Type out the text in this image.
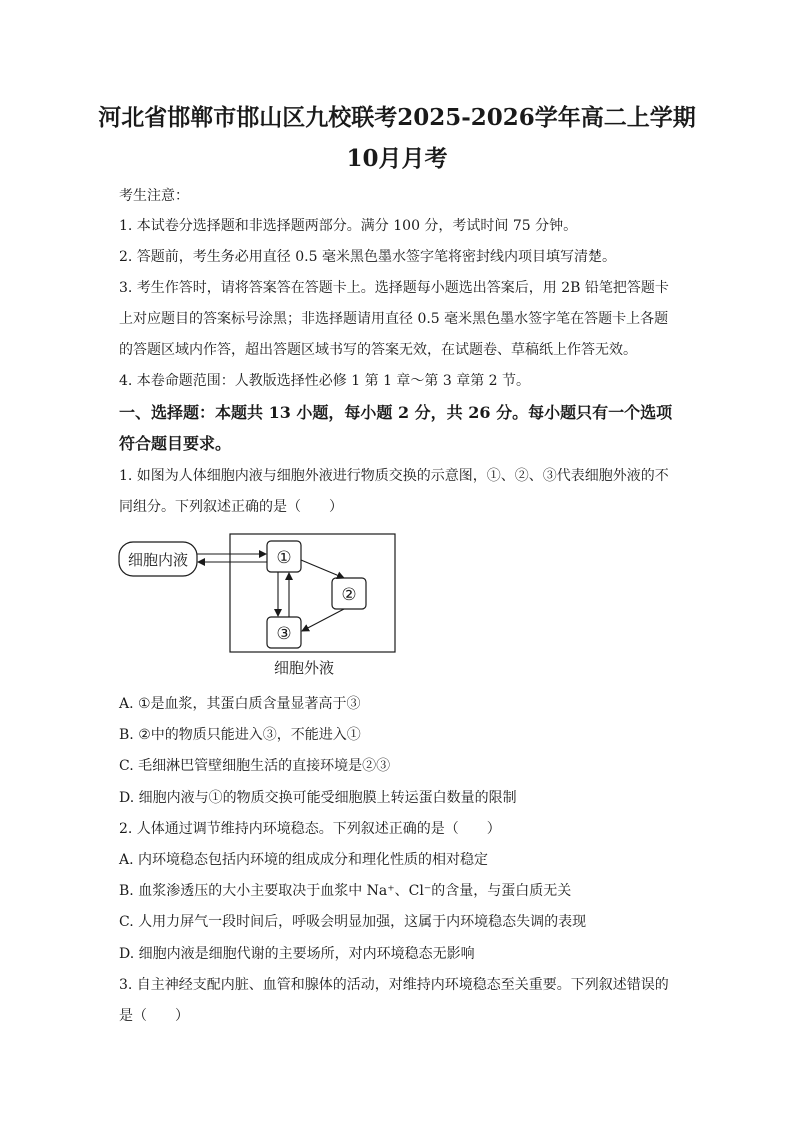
河北省邯郸市邯山区九校联考2025-2026学年高二上学期
10月月考
考生注意：
1. 本试卷分选择题和非选择题两部分。满分 100 分，考试时间 75 分钟。
2. 答题前，考生务必用直径 0.5 毫米黑色墨水签字笔将密封线内项目填写清楚。
3. 考生作答时，请将答案答在答题卡上。选择题每小题选出答案后，用 2B 铅笔把答题卡
上对应题目的答案标号涂黑；非选择题请用直径 0.5 毫米黑色墨水签字笔在答题卡上各题
的答题区域内作答，超出答题区域书写的答案无效，在试题卷、草稿纸上作答无效。
4. 本卷命题范围：人教版选择性必修 1 第 1 章～第 3 章第 2 节。
一、选择题：本题共 13 小题，每小题 2 分，共 26 分。每小题只有一个选项
符合题目要求。
1. 如图为人体细胞内液与细胞外液进行物质交换的示意图，①、②、③代表细胞外液的不
同组分。下列叙述正确的是（　　）
细胞内液	①
②
③
细胞外液
A. ①是血浆，其蛋白质含量显著高于③
B. ②中的物质只能进入③，不能进入①
C. 毛细淋巴管壁细胞生活的直接环境是②③
D. 细胞内液与①的物质交换可能受细胞膜上转运蛋白数量的限制
2. 人体通过调节维持内环境稳态。下列叙述正确的是（　　）
A. 内环境稳态包括内环境的组成成分和理化性质的相对稳定
B. 血浆渗透压的大小主要取决于血浆中 Na⁺、Cl⁻的含量，与蛋白质无关
C. 人用力屏气一段时间后，呼吸会明显加强，这属于内环境稳态失调的表现
D. 细胞内液是细胞代谢的主要场所，对内环境稳态无影响
3. 自主神经支配内脏、血管和腺体的活动，对维持内环境稳态至关重要。下列叙述错误的
是（　　）
